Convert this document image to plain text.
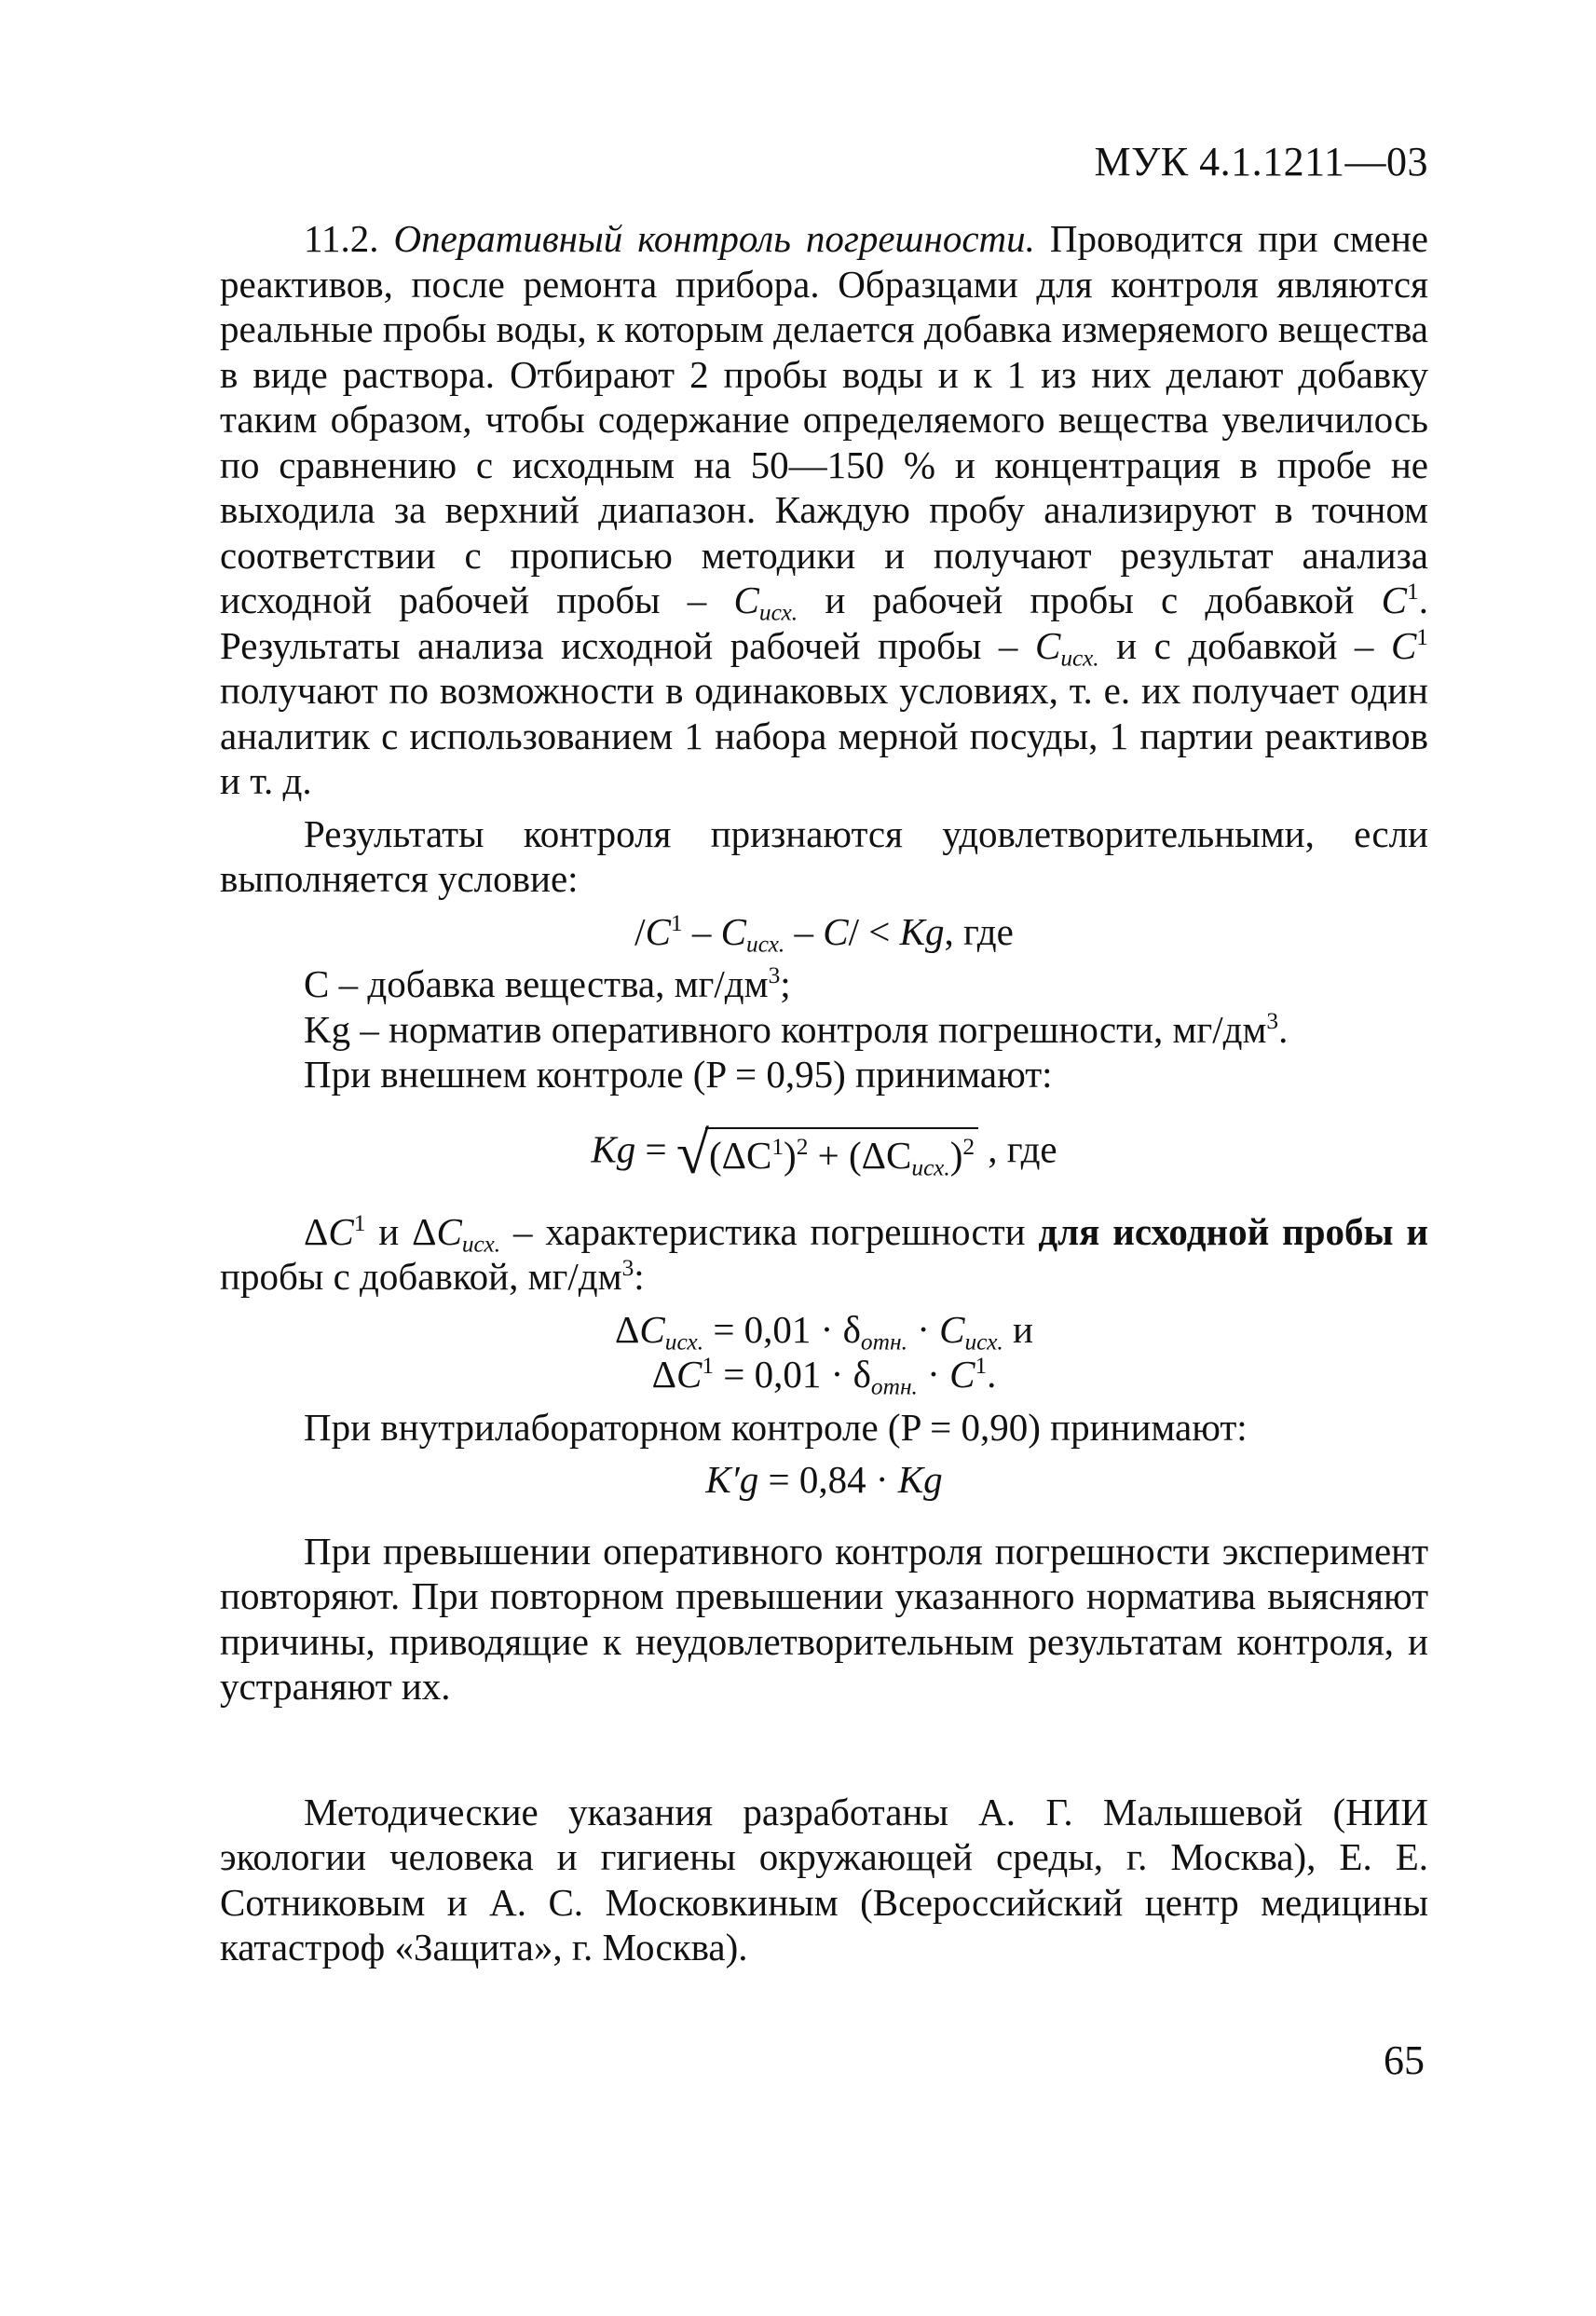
МУК 4.1.1211—03

11.2. Оперативный контроль погрешности. Проводится при смене реактивов, после ремонта прибора. Образцами для контроля являются реальные пробы воды, к которым делается добавка измеряемого вещества в виде раствора. Отбирают 2 пробы воды и к 1 из них делают добавку таким образом, чтобы содержание определяемого вещества увеличилось по сравнению с исходным на 50—150 % и концентрация в пробе не выходила за верхний диапазон. Каждую пробу анализируют в точном соответствии с прописью методики и получают результат анализа исходной рабочей пробы – $C_{исх.}$ и рабочей пробы с добавкой $C^1$. Результаты анализа исходной рабочей пробы – $C_{исх.}$ и с добавкой – $C^1$ получают по возможности в одинаковых условиях, т. е. их получает один аналитик с использованием 1 набора мерной посуды, 1 партии реактивов и т. д.

Результаты контроля признаются удовлетворительными, если выполняется условие:

$/C^1 - C_{исх.} - C/ < Kg$, где
С – добавка вещества, $мг/дм^3$;
Kg – норматив оперативного контроля погрешности, $мг/дм^3$.
При внешнем контроле (P = 0,95) принимают:
$Kg = √(\Delta C^1)^2 + (\Delta C_{исх.})^2$ , где

$\Delta C^1$ и $\Delta C_{исх.}$ – характеристика погрешности для исходной пробы и пробы с добавкой, $мг/дм^3$:

$\Delta C_{исх.} = 0,01 \cdot \delta_{отн.} \cdot C_{исх.}$ и
$\Delta C^1 = 0,01 \cdot \delta_{отн.} \cdot C^1$.
При внутрилабораторном контроле (P = 0,90) принимают:
K′g = 0,84 · Kg

При превышении оперативного контроля погрешности эксперимент повторяют. При повторном превышении указанного норматива выясняют причины, приводящие к неудовлетворительным результатам контроля, и устраняют их.

Методические указания разработаны А. Г. Малышевой (НИИ экологии человека и гигиены окружающей среды, г. Москва), Е. Е. Сотниковым и А. С. Московкиным (Всероссийский центр медицины катастроф «Защита», г. Москва).

65
